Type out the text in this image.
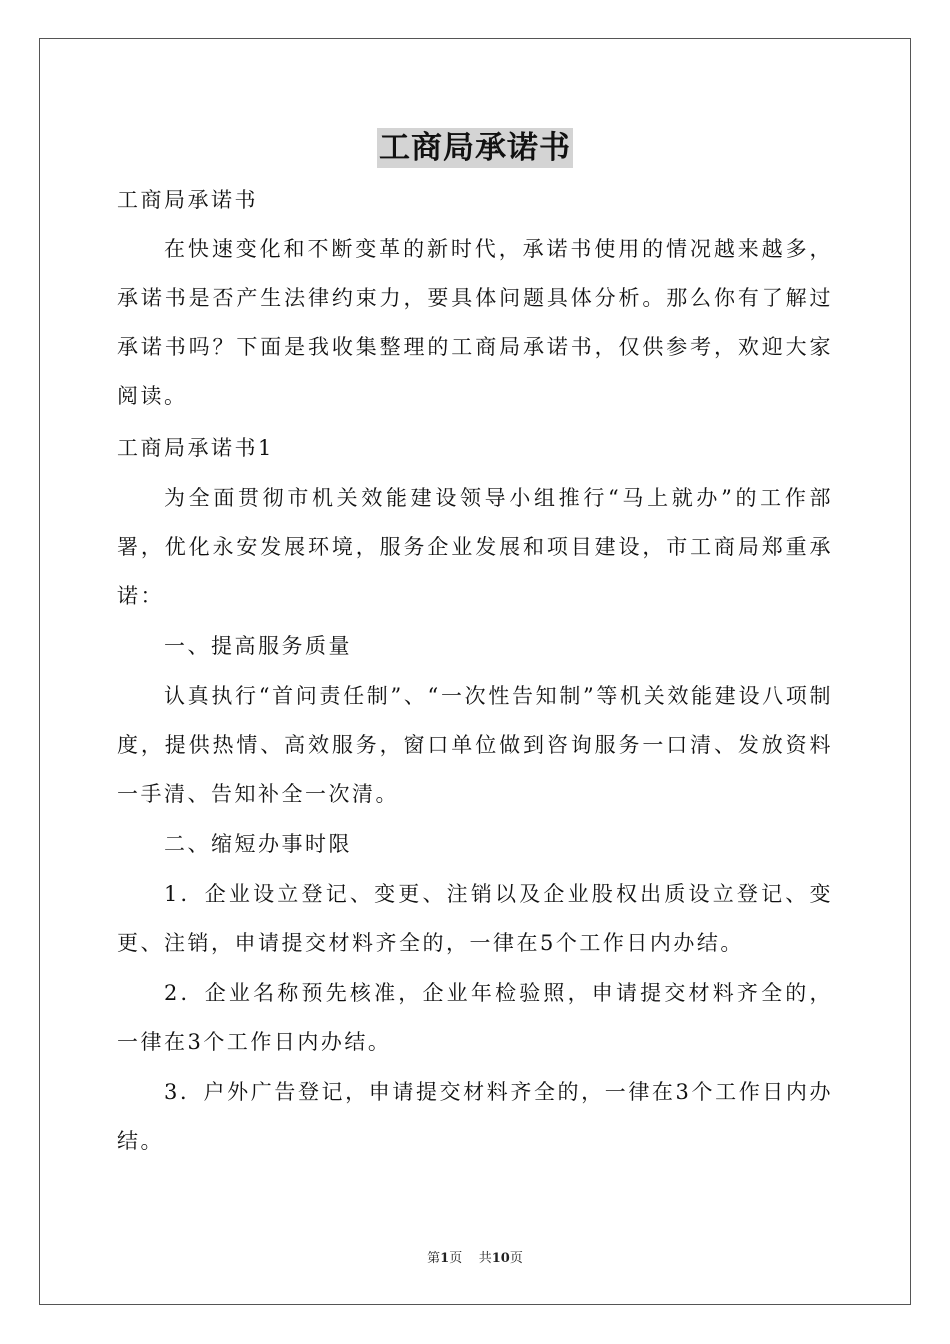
工商局承诺书

工商局承诺书

在快速变化和不断变革的新时代，承诺书使用的情况越来越多，承诺书是否产生法律约束力，要具体问题具体分析。那么你有了解过承诺书吗？下面是我收集整理的工商局承诺书，仅供参考，欢迎大家阅读。

工商局承诺书1

为全面贯彻市机关效能建设领导小组推行“马上就办”的工作部署，优化永安发展环境，服务企业发展和项目建设，市工商局郑重承诺：

一、提高服务质量

认真执行“首问责任制”、“一次性告知制”等机关效能建设八项制度，提供热情、高效服务，窗口单位做到咨询服务一口清、发放资料一手清、告知补全一次清。

二、缩短办事时限

1．企业设立登记、变更、注销以及企业股权出质设立登记、变更、注销，申请提交材料齐全的，一律在5个工作日内办结。

2．企业名称预先核准，企业年检验照，申请提交材料齐全的，一律在3个工作日内办结。

3．户外广告登记，申请提交材料齐全的，一律在3个工作日内办结。

第1页 共10页
